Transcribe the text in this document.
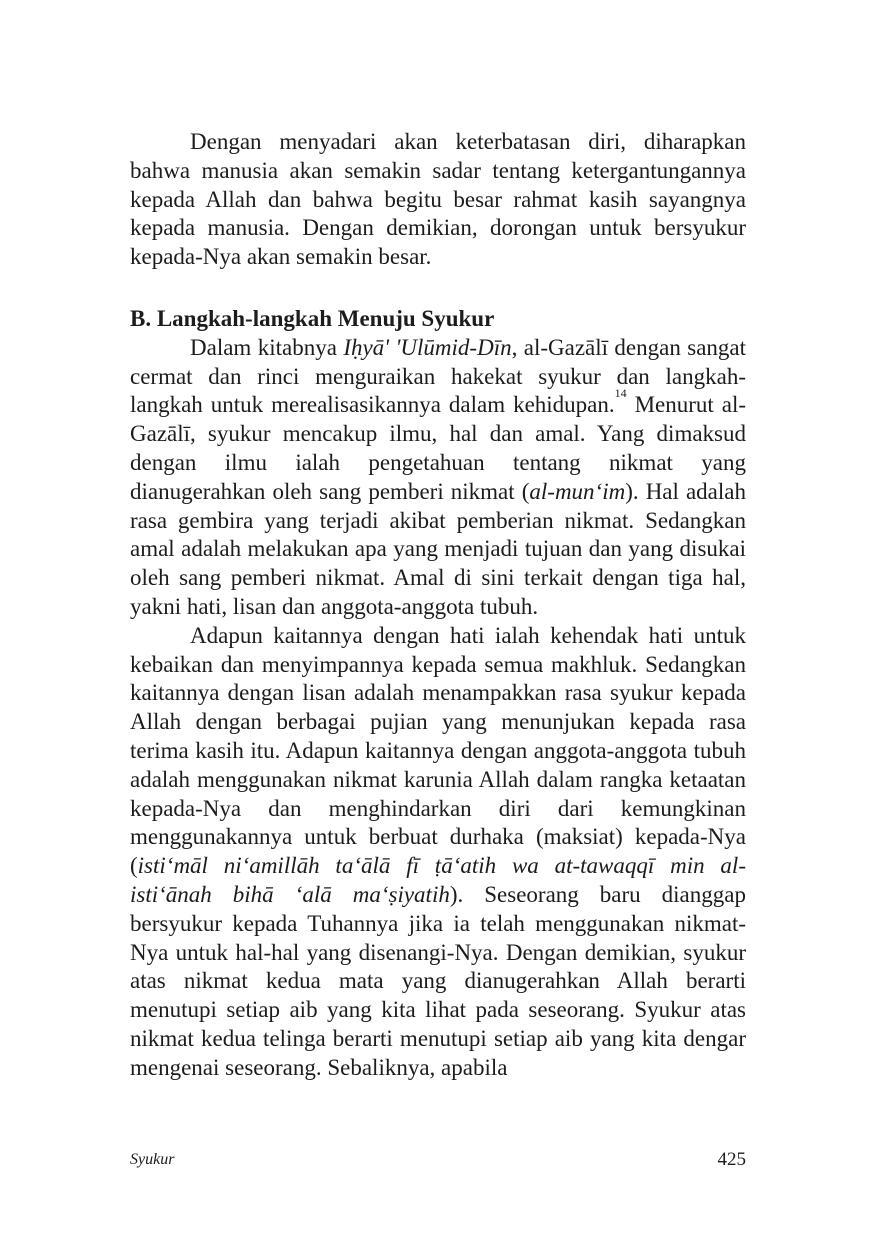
Dengan menyadari akan keterbatasan diri, diharapkan bahwa manusia akan semakin sadar tentang ketergantungannya kepada Allah dan bahwa begitu besar rahmat kasih sayangnya kepada manusia. Dengan demikian, dorongan untuk bersyukur kepada-Nya akan semakin besar.

B. Langkah-langkah Menuju Syukur

Dalam kitabnya Iḥyā' 'Ulūmid-Dīn, al-Gazālī dengan sangat cermat dan rinci menguraikan hakekat syukur dan langkah-langkah untuk merealisasikannya dalam kehidupan.$^{14}$ Menurut al-Gazālī, syukur mencakup ilmu, hal dan amal. Yang dimaksud dengan ilmu ialah pengetahuan tentang nikmat yang dianugerahkan oleh sang pemberi nikmat (al-mun‘im). Hal adalah rasa gembira yang terjadi akibat pemberian nikmat. Sedangkan amal adalah melakukan apa yang menjadi tujuan dan yang disukai oleh sang pemberi nikmat. Amal di sini terkait dengan tiga hal, yakni hati, lisan dan anggota-anggota tubuh.

Adapun kaitannya dengan hati ialah kehendak hati untuk kebaikan dan menyimpannya kepada semua makhluk. Sedangkan kaitannya dengan lisan adalah menampakkan rasa syukur kepada Allah dengan berbagai pujian yang menunjukan kepada rasa terima kasih itu. Adapun kaitannya dengan anggota-anggota tubuh adalah menggunakan nikmat karunia Allah dalam rangka ketaatan kepada-Nya dan menghindarkan diri dari kemungkinan menggunakannya untuk berbuat durhaka (maksiat) kepada-Nya (isti‘māl ni‘amillāh ta‘ālā fī ṭā‘atih wa at-tawaqqī min al-isti‘ānah bihā ‘alā ma‘ṣiyatih). Seseorang baru dianggap bersyukur kepada Tuhannya jika ia telah menggunakan nikmat-Nya untuk hal-hal yang disenangi-Nya. Dengan demikian, syukur atas nikmat kedua mata yang dianugerahkan Allah berarti menutupi setiap aib yang kita lihat pada seseorang. Syukur atas nikmat kedua telinga berarti menutupi setiap aib yang kita dengar mengenai seseorang. Sebaliknya, apabila

Syukur	425
